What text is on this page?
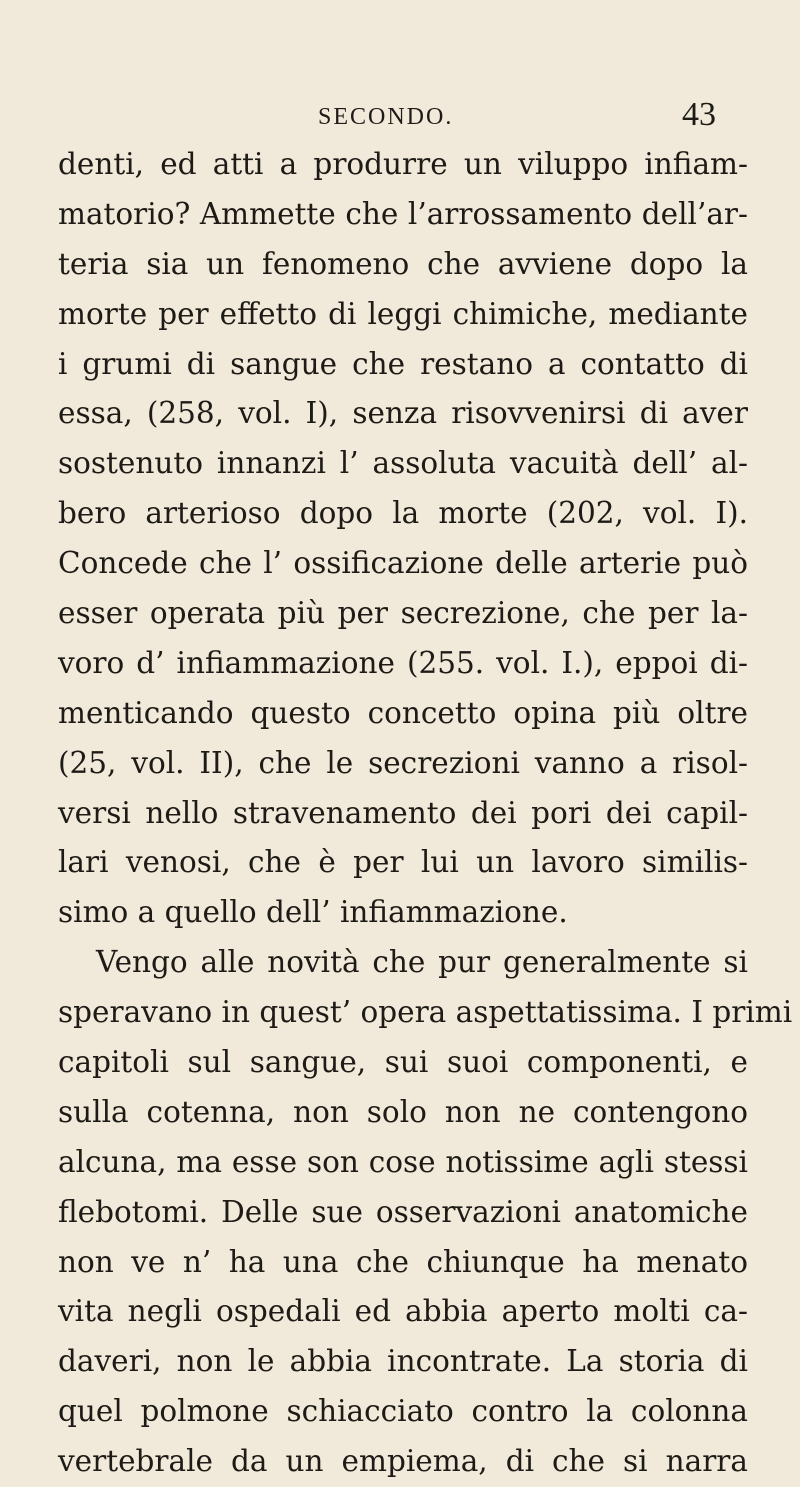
SECONDO.	43
denti, ed atti a produrre un viluppo infiam-
matorio? Ammette che l’arrossamento dell’ar-
teria sia un fenomeno che avviene dopo la
morte per effetto di leggi chimiche, mediante
i grumi di sangue che restano a contatto di
essa, (258, vol. I), senza risovvenirsi di aver
sostenuto innanzi l’ assoluta vacuità dell’ al-
bero arterioso dopo la morte (202, vol. I).
Concede che l’ ossificazione delle arterie può
esser operata più per secrezione, che per la-
voro d’ infiammazione (255. vol. I.), eppoi di-
menticando questo concetto opina più oltre
(25, vol. II), che le secrezioni vanno a risol-
versi nello stravenamento dei pori dei capil-
lari venosi, che è per lui un lavoro similis-
simo a quello dell’ infiammazione.
Vengo alle novità che pur generalmente si
speravano in quest’ opera aspettatissima. I primi
capitoli sul sangue, sui suoi componenti, e
sulla cotenna, non solo non ne contengono
alcuna, ma esse son cose notissime agli stessi
flebotomi. Delle sue osservazioni anatomiche
non ve n’ ha una che chiunque ha menato
vita negli ospedali ed abbia aperto molti ca-
daveri, non le abbia incontrate. La storia di
quel polmone schiacciato contro la colonna
vertebrale da un empiema, di che si narra
